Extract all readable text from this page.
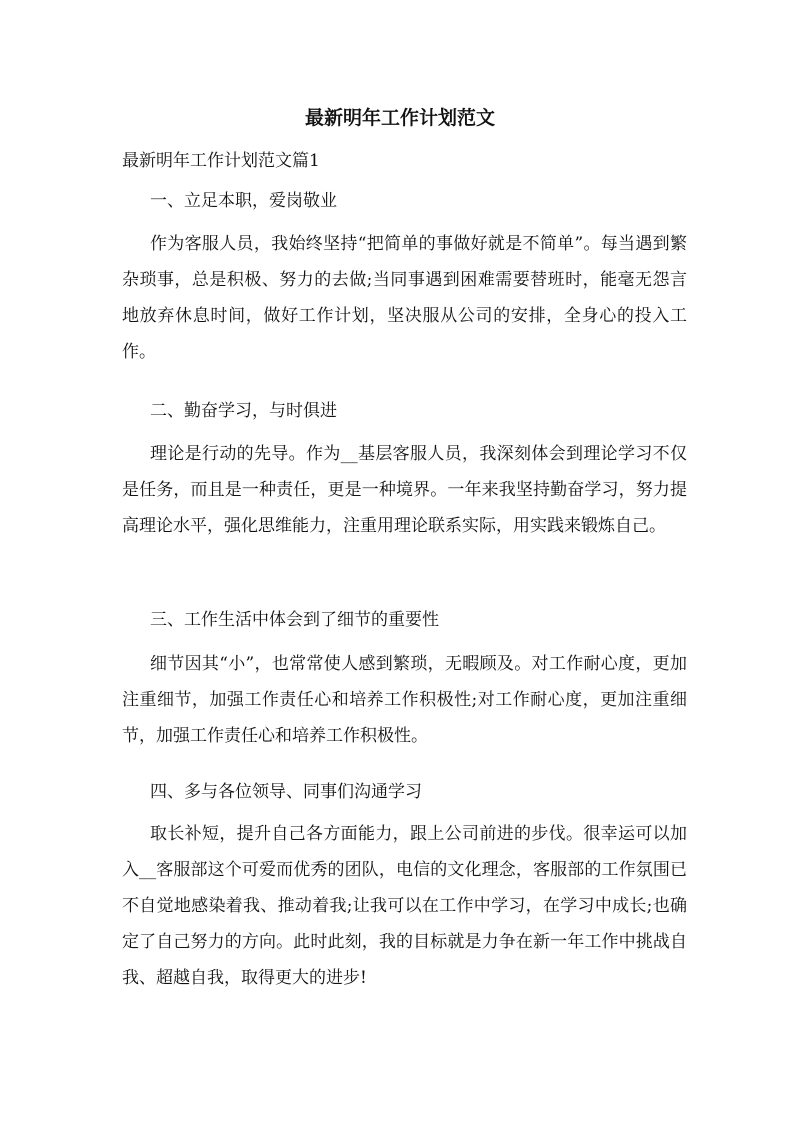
最新明年工作计划范文

最新明年工作计划范文篇1

一、立足本职，爱岗敬业

作为客服人员，我始终坚持“把简单的事做好就是不简单”。每当遇到繁杂琐事，总是积极、努力的去做;当同事遇到困难需要替班时，能毫无怨言地放弃休息时间，做好工作计划，坚决服从公司的安排，全身心的投入工作。

二、勤奋学习，与时俱进

理论是行动的先导。作为__基层客服人员，我深刻体会到理论学习不仅是任务，而且是一种责任，更是一种境界。一年来我坚持勤奋学习，努力提高理论水平，强化思维能力，注重用理论联系实际，用实践来锻炼自己。

三、工作生活中体会到了细节的重要性

细节因其“小”，也常常使人感到繁琐，无暇顾及。对工作耐心度，更加注重细节，加强工作责任心和培养工作积极性;对工作耐心度，更加注重细节，加强工作责任心和培养工作积极性。

四、多与各位领导、同事们沟通学习

取长补短，提升自己各方面能力，跟上公司前进的步伐。很幸运可以加入__客服部这个可爱而优秀的团队，电信的文化理念，客服部的工作氛围已不自觉地感染着我、推动着我;让我可以在工作中学习，在学习中成长;也确定了自己努力的方向。此时此刻，我的目标就是力争在新一年工作中挑战自我、超越自我，取得更大的进步!
